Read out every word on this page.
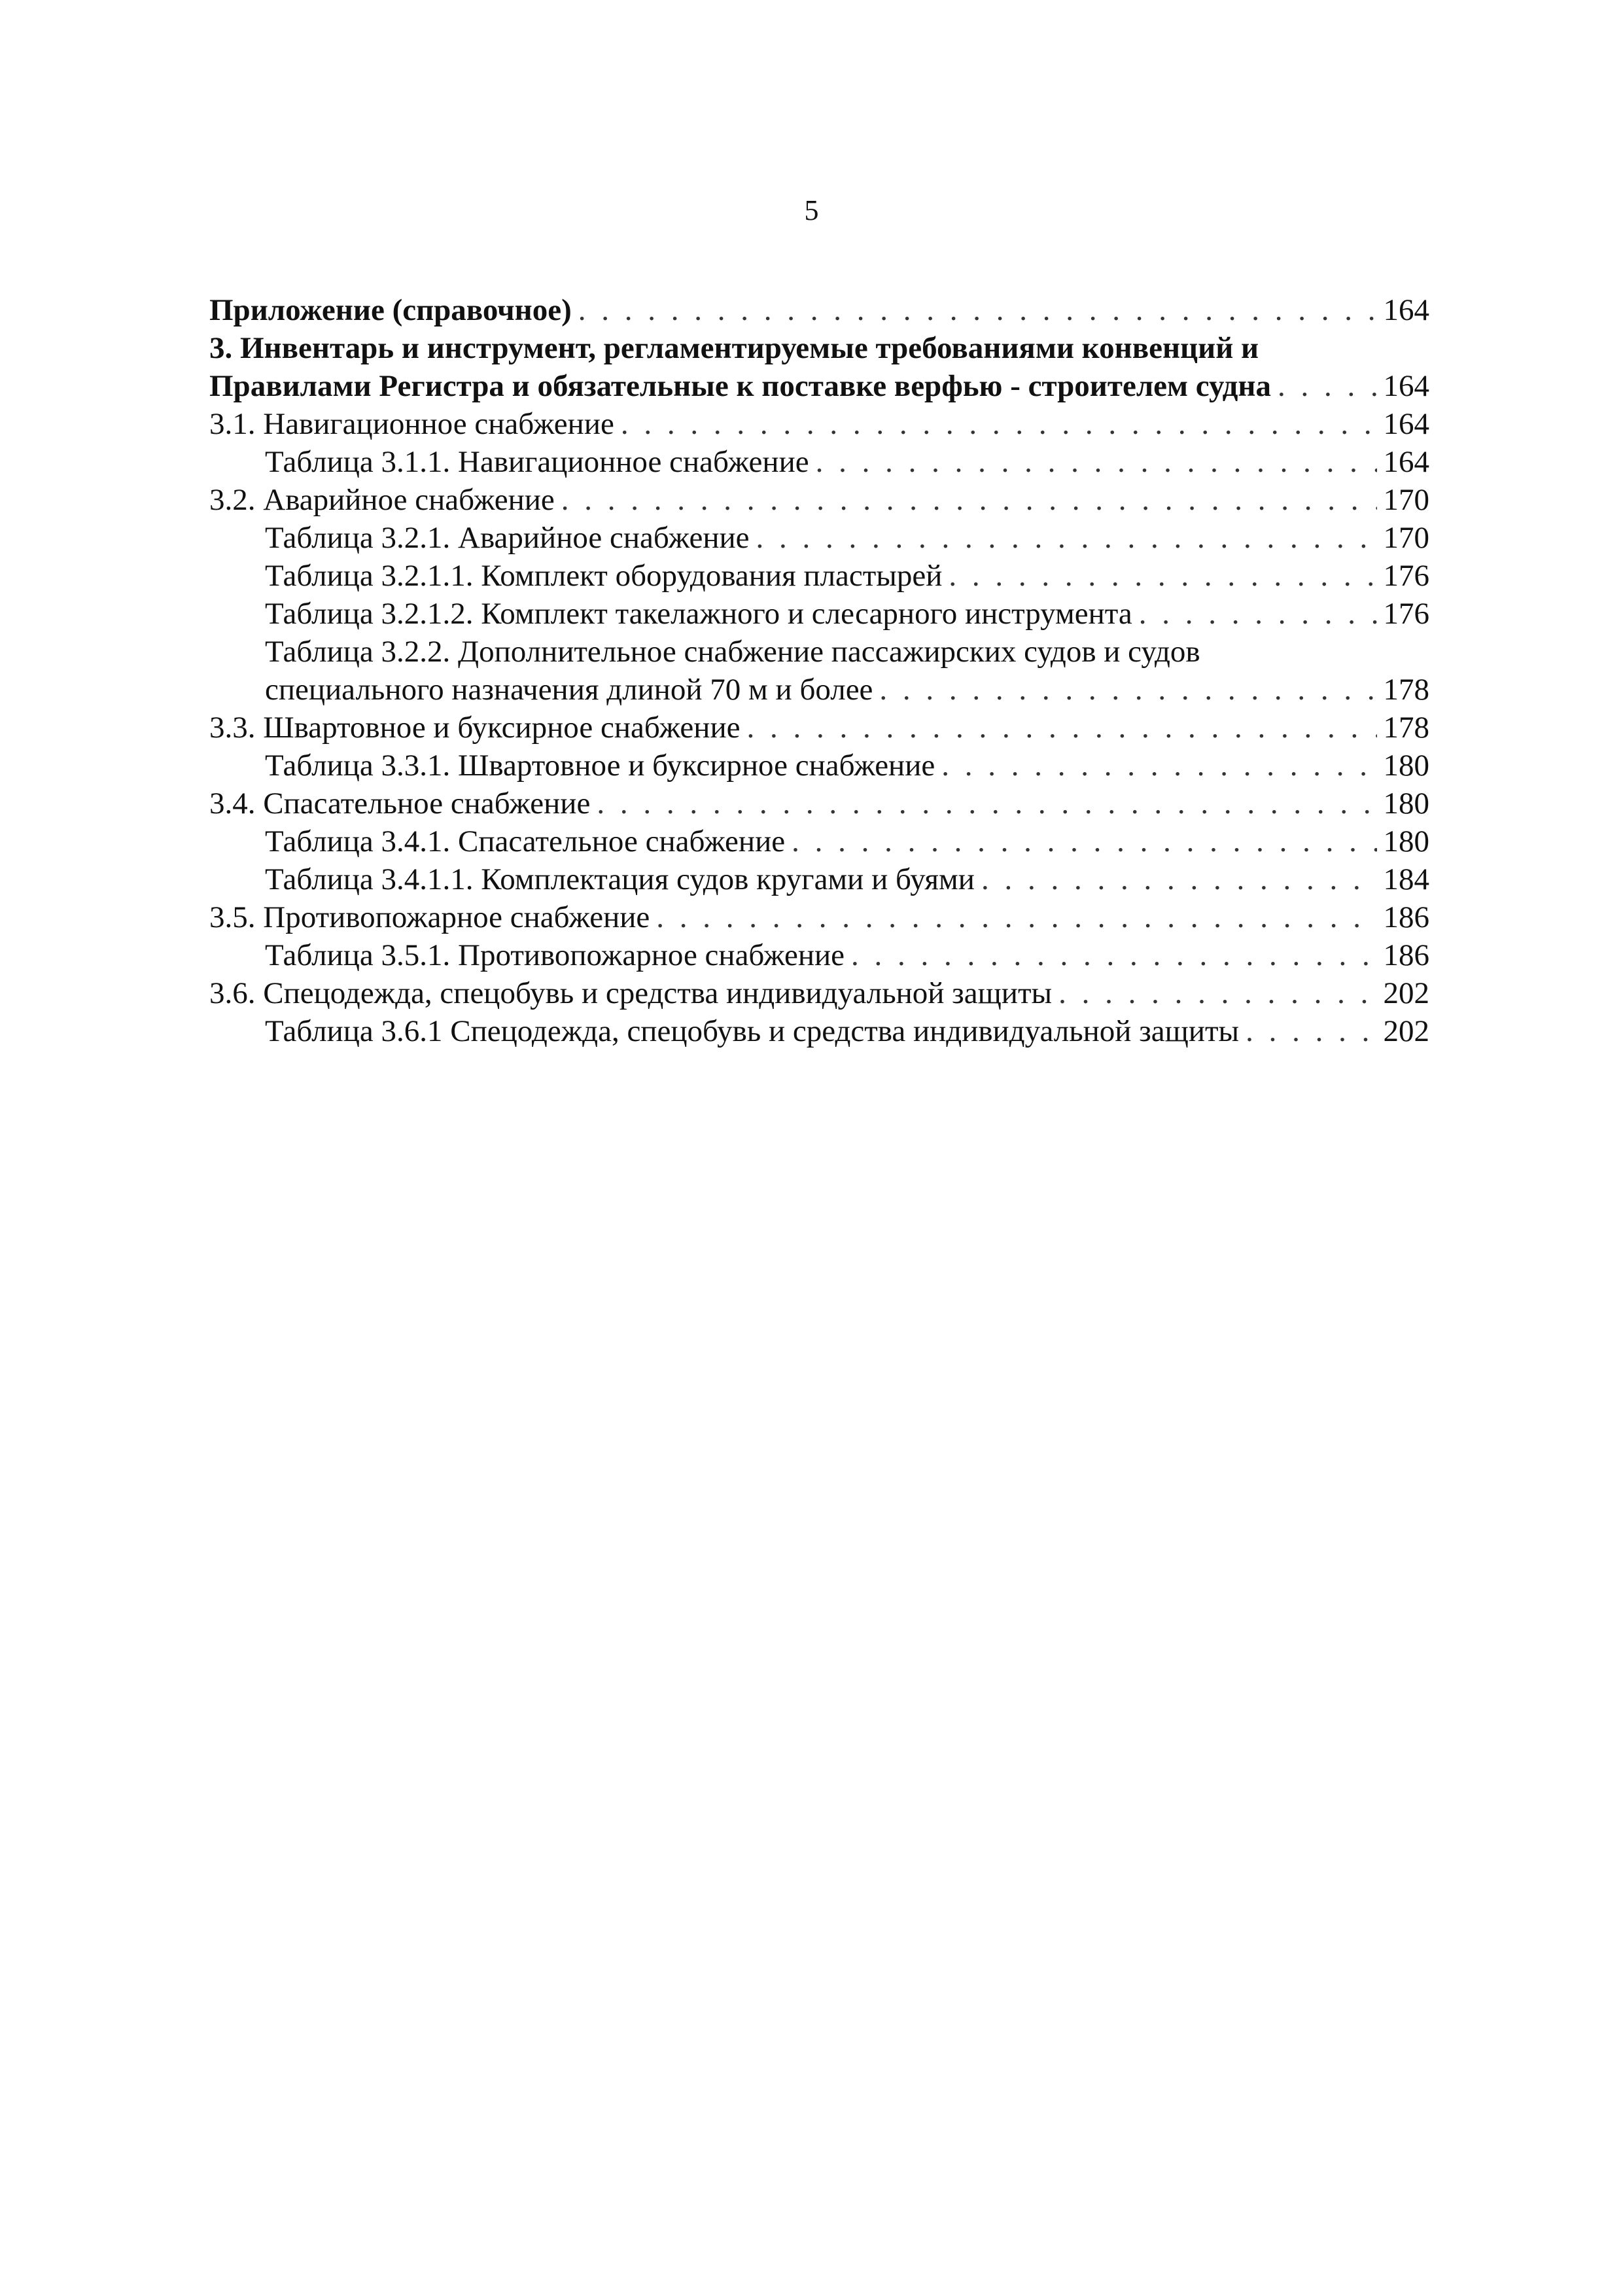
5
Приложение (справочное) . . .	164
3. Инвентарь и инструмент, регламентируемые требованиями конвенций и
Правилами Регистра и обязательные к поставке верфью - строителем судна . . .	164
3.1. Навигационное снабжение . . .	164
Таблица 3.1.1. Навигационное снабжение . . .	164
3.2. Аварийное снабжение . . .	170
Таблица 3.2.1. Аварийное снабжение . . .	170
Таблица 3.2.1.1. Комплект оборудования пластырей . . .	176
Таблица 3.2.1.2. Комплект такелажного и слесарного инструмента . . .	176
Таблица 3.2.2. Дополнительное снабжение пассажирских судов и судов
специального назначения длиной 70 м и более . . .	178
3.3. Швартовное и буксирное снабжение . . .	178
Таблица 3.3.1. Швартовное и буксирное снабжение . . .	180
3.4. Спасательное снабжение . . .	180
Таблица 3.4.1. Спасательное снабжение . . .	180
Таблица 3.4.1.1. Комплектация судов кругами и буями . . .	184
3.5. Противопожарное снабжение . . .	186
Таблица 3.5.1. Противопожарное снабжение . . .	186
3.6. Спецодежда, спецобувь и средства индивидуальной защиты . . .	202
Таблица 3.6.1 Спецодежда, спецобувь и средства индивидуальной защиты . . .	202
